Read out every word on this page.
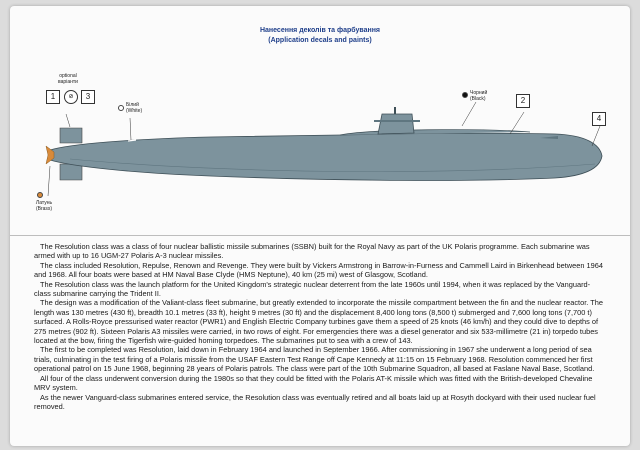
Нанесення деколів та фарбування
(Application decals and paints)
optional
варіанти
1	⊘	3
Білий
(White)
Чорний
(Black)	2
4
Латунь
(Brass)

The Resolution class was a class of four nuclear ballistic missile submarines (SSBN) built for the Royal Navy as part of the UK Polaris programme. Each submarine was armed with up to 16 UGM-27 Polaris A-3 nuclear missiles.

The class included Resolution, Repulse, Renown and Revenge. They were built by Vickers Armstrong in Barrow-in-Furness and Cammell Laird in Birkenhead between 1964 and 1968. All four boats were based at HM Naval Base Clyde (HMS Neptune), 40 km (25 mi) west of Glasgow, Scotland.

The Resolution class was the launch platform for the United Kingdom's strategic nuclear deterrent from the late 1960s until 1994, when it was replaced by the Vanguard-class submarine carrying the Trident II.

The design was a modification of the Valiant-class fleet submarine, but greatly extended to incorporate the missile compartment between the fin and the nuclear reactor. The length was 130 metres (430 ft), breadth 10.1 metres (33 ft), height 9 metres (30 ft) and the displacement 8,400 long tons (8,500 t) submerged and 7,600 long tons (7,700 t) surfaced. A Rolls-Royce pressurised water reactor (PWR1) and English Electric Company turbines gave them a speed of 25 knots (46 km/h) and they could dive to depths of 275 metres (902 ft). Sixteen Polaris A3 missiles were carried, in two rows of eight. For emergencies there was a diesel generator and six 533-millimetre (21 in) torpedo tubes located at the bow, firing the Tigerfish wire-guided homing torpedoes. The submarines put to sea with a crew of 143.

The first to be completed was Resolution, laid down in February 1964 and launched in September 1966. After commissioning in 1967 she underwent a long period of sea trials, culminating in the test firing of a Polaris missile from the USAF Eastern Test Range off Cape Kennedy at 11:15 on 15 February 1968. Resolution commenced her first operational patrol on 15 June 1968, beginning 28 years of Polaris patrols. The class were part of the 10th Submarine Squadron, all based at Faslane Naval Base, Scotland.

All four of the class underwent conversion during the 1980s so that they could be fitted with the Polaris AT-K missile which was fitted with the British-developed Chevaline MRV system.

As the newer Vanguard-class submarines entered service, the Resolution class was eventually retired and all boats laid up at Rosyth dockyard with their used nuclear fuel removed.
